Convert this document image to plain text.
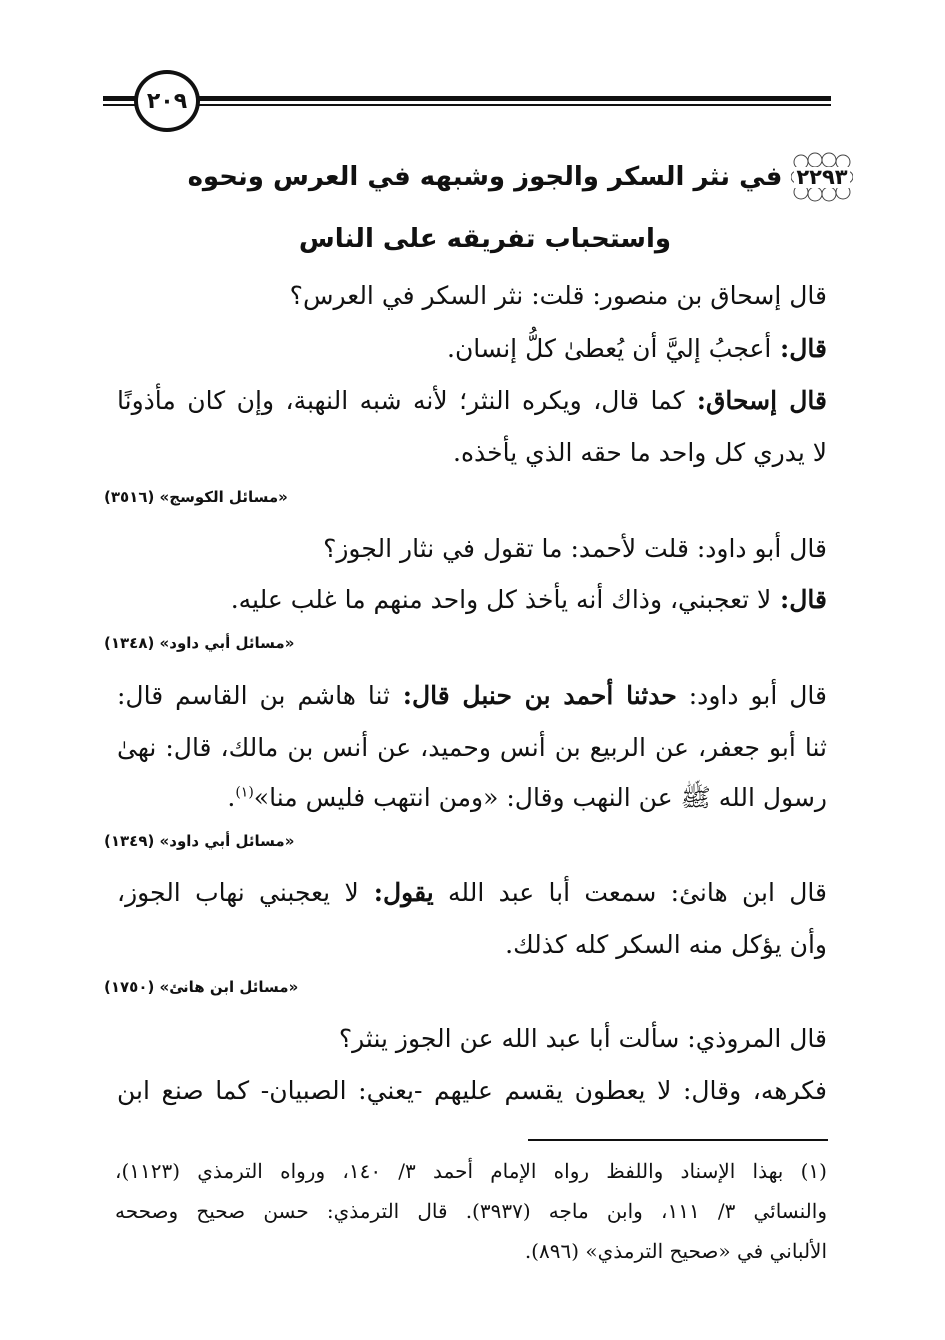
٢٠٩
٢٢٩٣
في نثر السكر والجوز وشبهه في العرس ونحوه
واستحباب تفريقه على الناس
قال إسحاق بن منصور: قلت: نثر السكر في العرس؟
قال: أعجبُ إليَّ أن يُعطىٰ كلُّ إنسان.
قال إسحاق: كما قال، ويكره النثر؛ لأنه شبه النهبة، وإن كان مأذونًا
لا يدري كل واحد ما حقه الذي يأخذه.
«مسائل الكوسج» (٣٥١٦)
قال أبو داود: قلت لأحمد: ما تقول في نثار الجوز؟
قال: لا تعجبني، وذاك أنه يأخذ كل واحد منهم ما غلب عليه.
«مسائل أبي داود» (١٣٤٨)
قال أبو داود: حدثنا أحمد بن حنبل قال: ثنا هاشم بن القاسم قال:
ثنا أبو جعفر، عن الربيع بن أنس وحميد، عن أنس بن مالك، قال: نهىٰ
رسول الله ﷺ عن النهب وقال: «ومن انتهب فليس منا»$^{(١)}$.
«مسائل أبي داود» (١٣٤٩)
قال ابن هانئ: سمعت أبا عبد الله يقول: لا يعجبني نهاب الجوز،
وأن يؤكل منه السكر كله كذلك.
«مسائل ابن هانئ» (١٧٥٠)
قال المروذي: سألت أبا عبد الله عن الجوز ينثر؟
فكرهه، وقال: لا يعطون يقسم عليهم -يعني: الصبيان- كما صنع ابن
(١) بهذا الإسناد واللفظ رواه الإمام أحمد ٣/ ١٤٠، ورواه الترمذي (١١٢٣)،
والنسائي ٣/ ١١١، وابن ماجه (٣٩٣٧). قال الترمذي: حسن صحيح وصححه
الألباني في «صحيح الترمذي» (٨٩٦).
